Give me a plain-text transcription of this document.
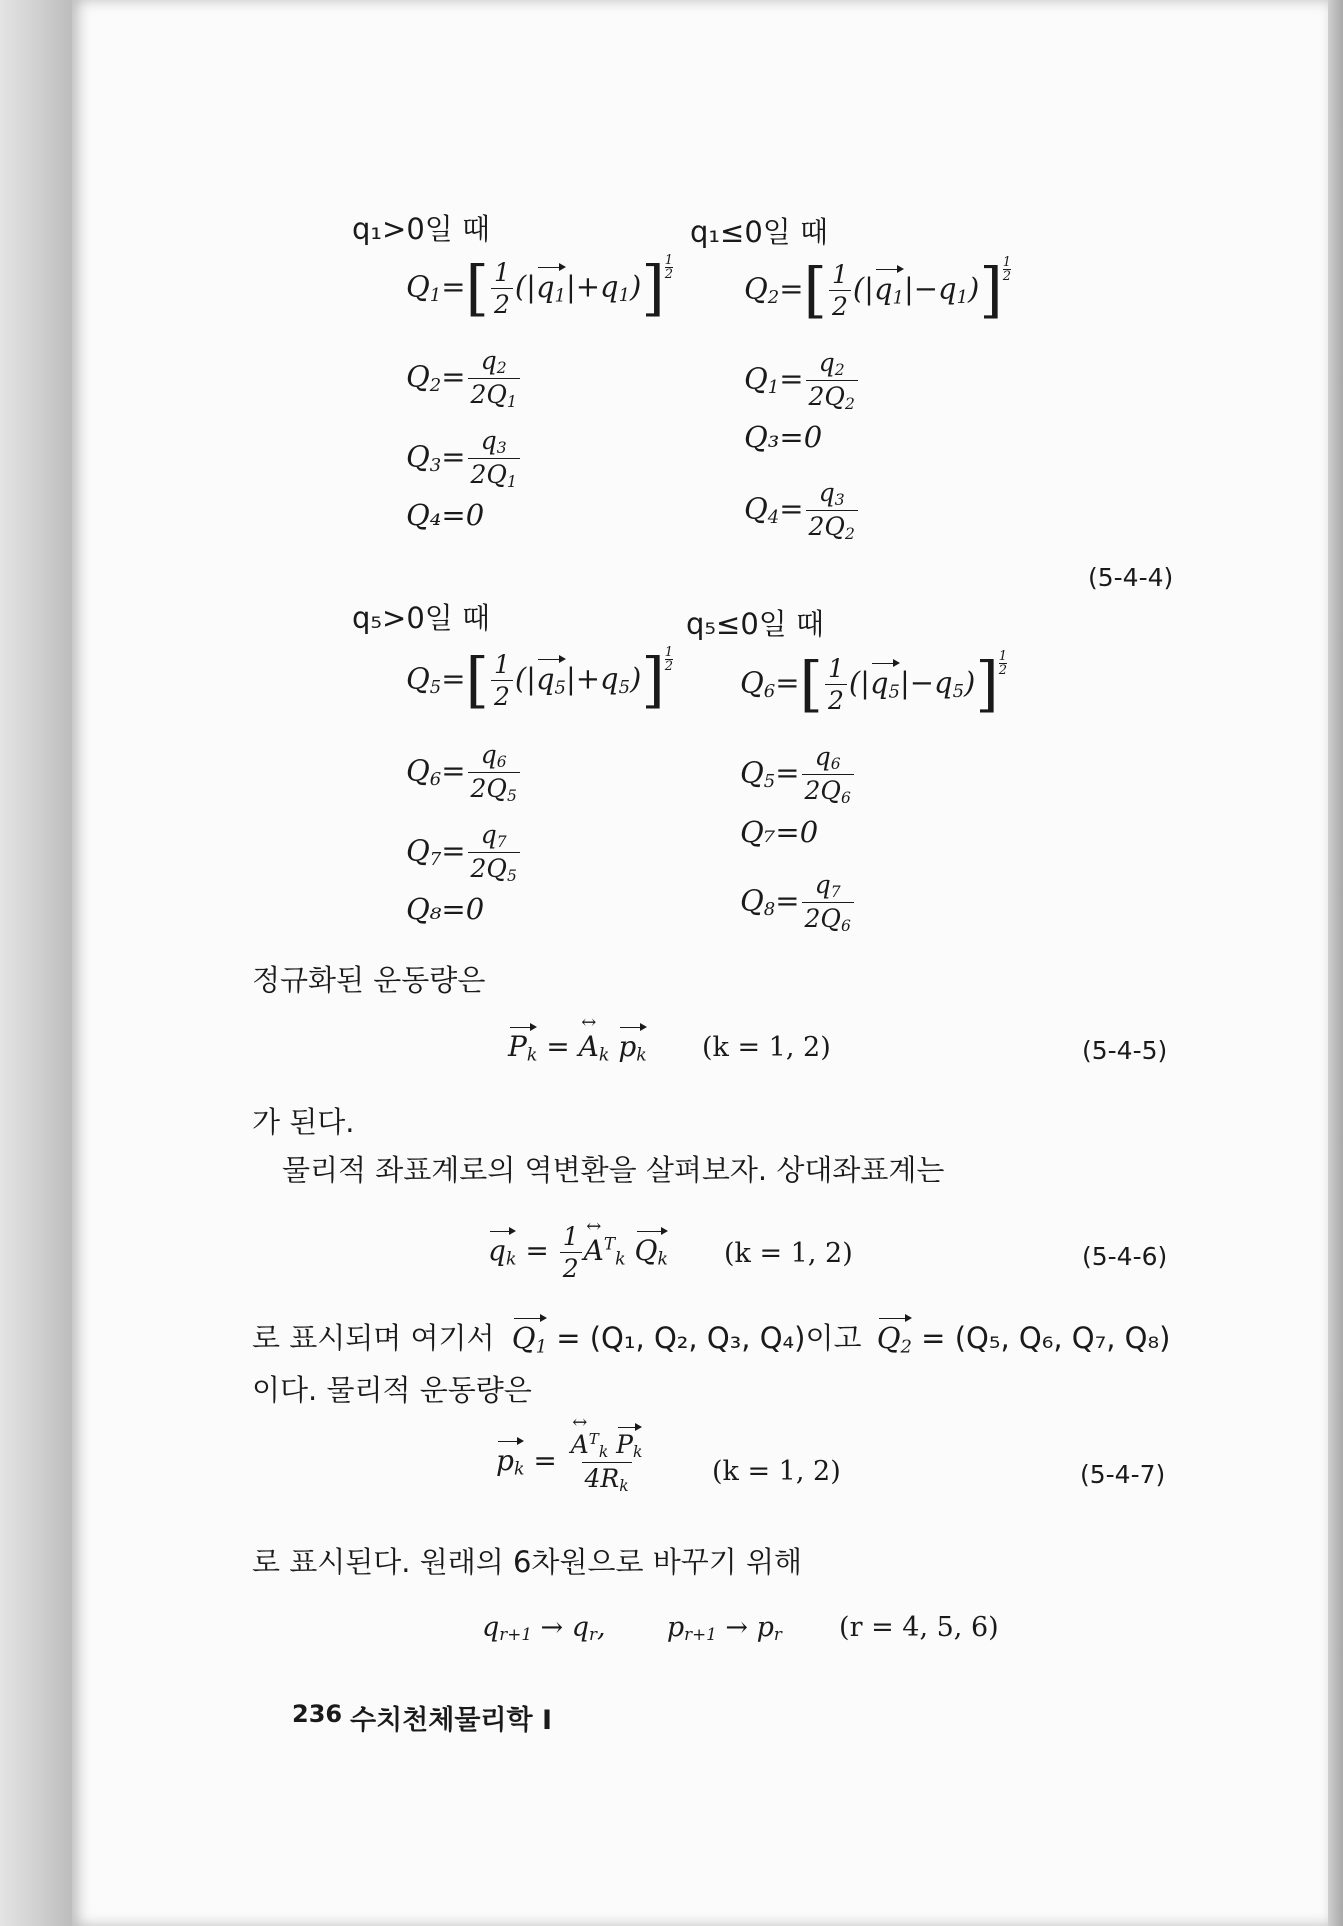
q₁>0일 때	q₁≤0일 때
$Q_1=[ \frac{1}{2} (|q_1|+q_1)] \frac{1}{2}$
$Q_2=[ \frac{1}{2} (|q_1|-q_1)] \frac{1}{2}$
$Q_2= \frac{q_2}{2Q_1}$	$Q_1= \frac{q_2}{2Q_2}$
$Q_3= \frac{q_3}{2Q_1}$	Q₃=0
Q₄=0	$Q_4= \frac{q_3}{2Q_2}$
(5-4-4)
q₅>0일 때	q₅≤0일 때
$Q_5=[ \frac{1}{2} (|q_5|+q_5)] \frac{1}{2}$
$Q_6=[ \frac{1}{2} (|q_5|-q_5)] \frac{1}{2}$
$Q_6= \frac{q_6}{2Q_5}$	$Q_5= \frac{q_6}{2Q_6}$
$Q_7= \frac{q_7}{2Q_5}$	Q₇=0
Q₈=0	$Q_8= \frac{q_7}{2Q_6}$
정규화된 운동량은
$P_k$ = ↔ $A_k$ $p_k$ (k = 1, 2)	(5-4-5)
가 된다.
물리적 좌표계로의 역변환을 살펴보자. 상대좌표계는
$q_k = \frac{1}{2}$ ↔ $A^T_k$ $Q_k$ (k = 1, 2)	(5-4-6)
로 표시되며 여기서 $Q_1 = (Q_1$, Q₂, Q₃, Q₄)이고 $Q_2 = (Q_5$, Q₆, Q₇, Q₈)
이다. 물리적 운동량은
$p_k$ = ↔ $\frac{A^T_k P_k}{4R_k} (k = 1$, 2)	(5-4-7)
로 표시된다. 원래의 6차원으로 바꾸기 위해
$q_{r+1} \to q_r$,  $p_{r+1} \to p_r$ (r = 4, 5, 6)
236 수치천체물리학 I
